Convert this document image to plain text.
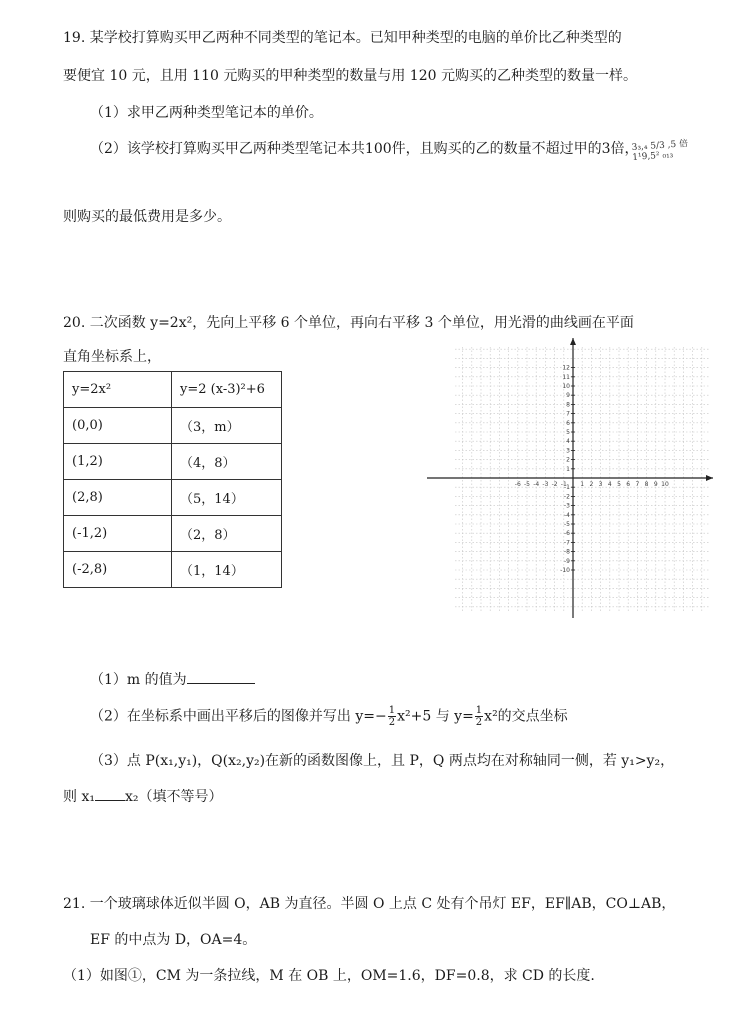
19. 某学校打算购买甲乙两种不同类型的笔记本。已知甲种类型的电脑的单价比乙种类型的
要便宜 10 元，且用 110 元购买的甲种类型的数量与用 120 元购买的乙种类型的数量一样。
（1）求甲乙两种类型笔记本的单价。
（2）该学校打算购买甲乙两种类型笔记本共100件，且购买的乙的数量不超过甲的3倍，
3₃,₄ 5/3 ,5 倍
1¹9,5² ₀₁₃
则购买的最低费用是多少。
20. 二次函数 y=2x²，先向上平移 6 个单位，再向右平移 3 个单位，用光滑的曲线画在平面
直角坐标系上，
y=2x²	y=2 (x-3)²+6
(0,0)	（3，m）
(1,2)	（4，8）
(2,8)	（5，14）
(-1,2)	（2，8）
(-2,8)	（1，14）
-6 -5 -4 -3 -2 -1 1 2 3 4 5 6 7 8 9 10
12
11
10
9
8
7
6
5
4
3
2
1
-1
-2
-3
-4
-5
-6
-7
-8
-9
-10
（1）m 的值为
（2）在坐标系中画出平移后的图像并写出 $y=- \frac{1}{2} x^2+5$ 与 $y= \frac{1}{2} x^2$的交点坐标
（3）点 P(x₁,y₁)，Q(x₂,y₂)在新的函数图像上，且 P，Q 两点均在对称轴同一侧，若 y₁>y₂，
则 x₁ x₂（填不等号）
21. 一个玻璃球体近似半圆 O，AB 为直径。半圆 O 上点 C 处有个吊灯 EF，EF∥AB，CO⊥AB，
EF 的中点为 D，OA=4。
（1）如图①，CM 为一条拉线，M 在 OB 上，OM=1.6，DF=0.8，求 CD 的长度.
